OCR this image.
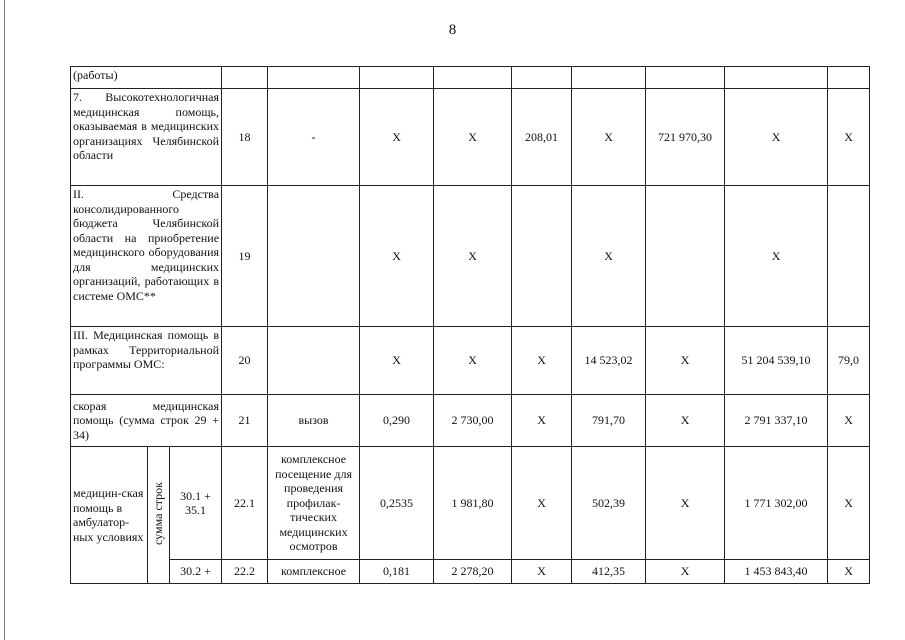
8
(работы)											
7. Высокотехнологичная медицинская помощь, оказываемая в медицинских организациях Челябинской области			18	-	X	X	208,01	X	721 970,30	X	X
II. Средства консолидированного бюджета Челябинской области на приобретение медицинского оборудования для медицинских организаций, работающих в системе ОМС**			19		X	X		X		X	
III. Медицинская помощь в рамках Территориальной программы ОМС:			20		X	X	X	14 523,02	X	51 204 539,10	79,0
скорая медицинская помощь (сумма строк 29 + 34)			21	вызов	0,290	2 730,00	X	791,70	X	2 791 337,10	X
медицин-ская помощь в амбулатор-ных условиях	сумма строк	30.1 + 35.1	22.1	комплексное посещение для проведения профилак-тических медицинских осмотров	0,2535	1 981,80	X	502,39	X	1 771 302,00	X
		30.2 +	22.2	комплексное	0,181	2 278,20	X	412,35	X	1 453 843,40	X
